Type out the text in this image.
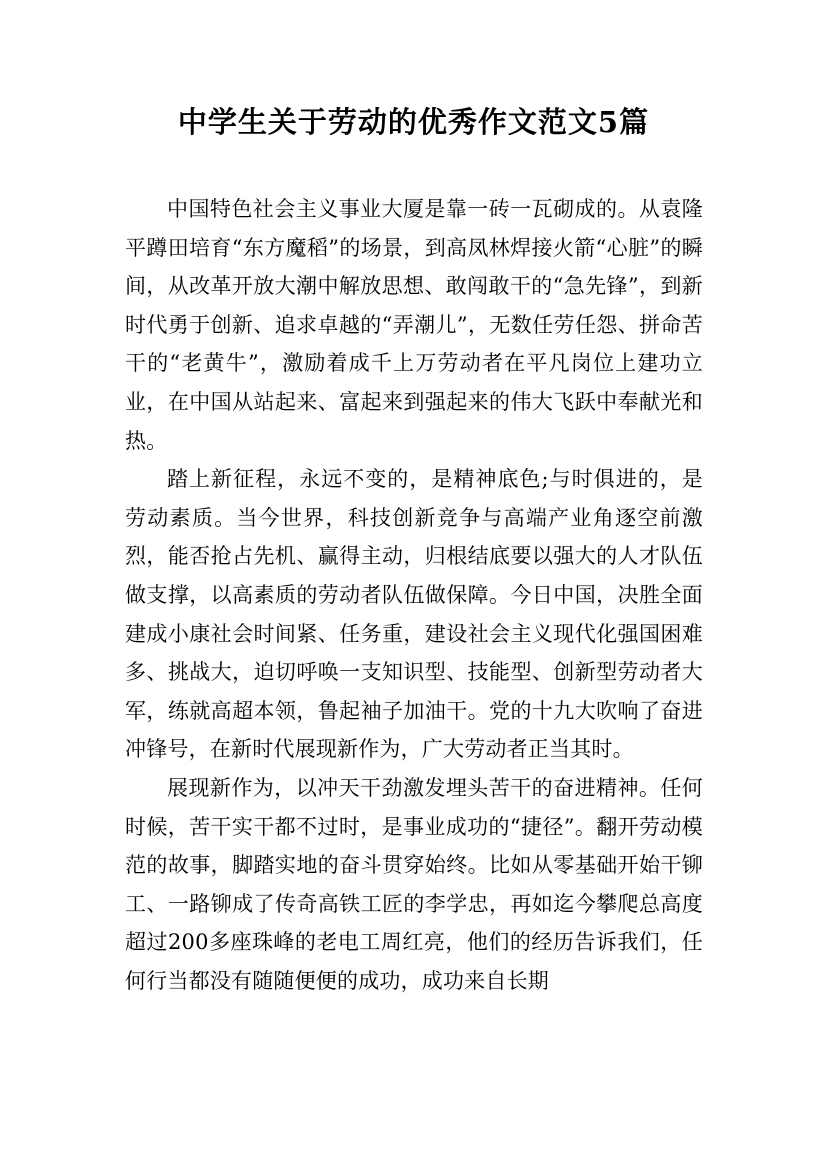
中学生关于劳动的优秀作文范文5篇

中国特色社会主义事业大厦是靠一砖一瓦砌成的。从袁隆平蹲田培育“东方魔稻”的场景，到高凤林焊接火箭“心脏”的瞬间，从改革开放大潮中解放思想、敢闯敢干的“急先锋”，到新时代勇于创新、追求卓越的“弄潮儿”，无数任劳任怨、拼命苦干的“老黄牛”，激励着成千上万劳动者在平凡岗位上建功立业，在中国从站起来、富起来到强起来的伟大飞跃中奉献光和热。

踏上新征程，永远不变的，是精神底色;与时俱进的，是劳动素质。当今世界，科技创新竞争与高端产业角逐空前激烈，能否抢占先机、赢得主动，归根结底要以强大的人才队伍做支撑，以高素质的劳动者队伍做保障。今日中国，决胜全面建成小康社会时间紧、任务重，建设社会主义现代化强国困难多、挑战大，迫切呼唤一支知识型、技能型、创新型劳动者大军，练就高超本领，鲁起袖子加油干。党的十九大吹响了奋进冲锋号，在新时代展现新作为，广大劳动者正当其时。

展现新作为，以冲天干劲激发埋头苦干的奋进精神。任何时候，苦干实干都不过时，是事业成功的“捷径”。翻开劳动模范的故事，脚踏实地的奋斗贯穿始终。比如从零基础开始干铆工、一路铆成了传奇高铁工匠的李学忠，再如迄今攀爬总高度超过200多座珠峰的老电工周红亮，他们的经历告诉我们，任何行当都没有随随便便的成功，成功来自长期
